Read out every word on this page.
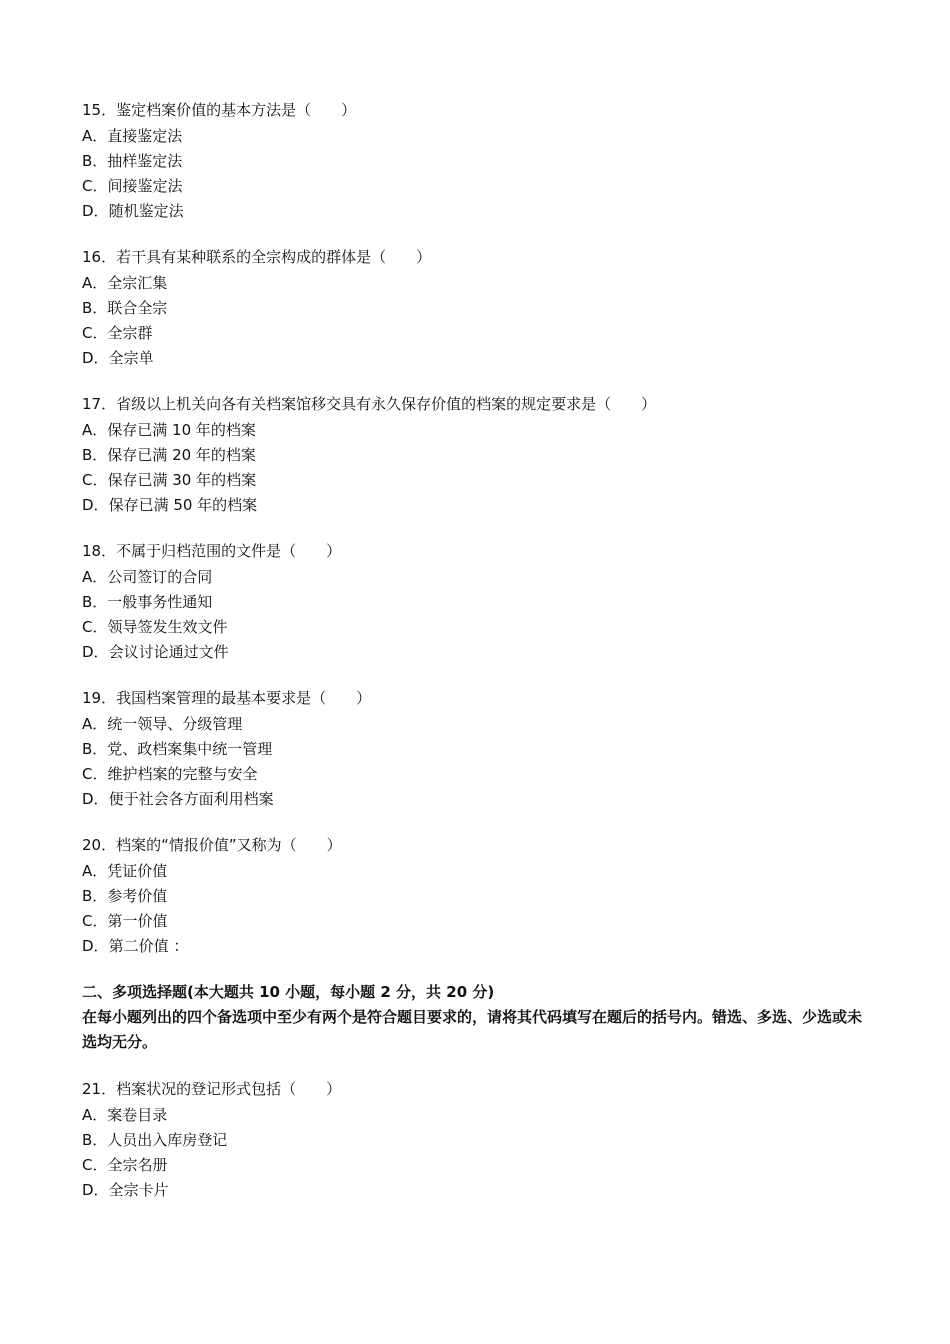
15．鉴定档案价值的基本方法是（　　）
A．直接鉴定法
B．抽样鉴定法
C．间接鉴定法
D．随机鉴定法
16．若干具有某种联系的全宗构成的群体是（　　）
A．全宗汇集
B．联合全宗
C．全宗群
D．全宗单
17．省级以上机关向各有关档案馆移交具有永久保存价值的档案的规定要求是（　　）
A．保存已满 10 年的档案
B．保存已满 20 年的档案
C．保存已满 30 年的档案
D．保存已满 50 年的档案
18．不属于归档范围的文件是（　　）
A．公司签订的合同
B．一般事务性通知
C．领导签发生效文件
D．会议讨论通过文件
19．我国档案管理的最基本要求是（　　）
A．统一领导、分级管理
B．党、政档案集中统一管理
C．维护档案的完整与安全
D．便于社会各方面利用档案
20．档案的“情报价值”又称为（　　）
A．凭证价值
B．参考价值
C．第一价值
D．第二价值 ：
二、多项选择题(本大题共 10 小题，每小题 2 分，共 20 分)
在每小题列出的四个备选项中至少有两个是符合题目要求的，请将其代码填写在题后的括号内。错选、多选、少选或未选均无分。
21．档案状况的登记形式包括（　　）
A．案卷目录
B．人员出入库房登记
C．全宗名册
D．全宗卡片
